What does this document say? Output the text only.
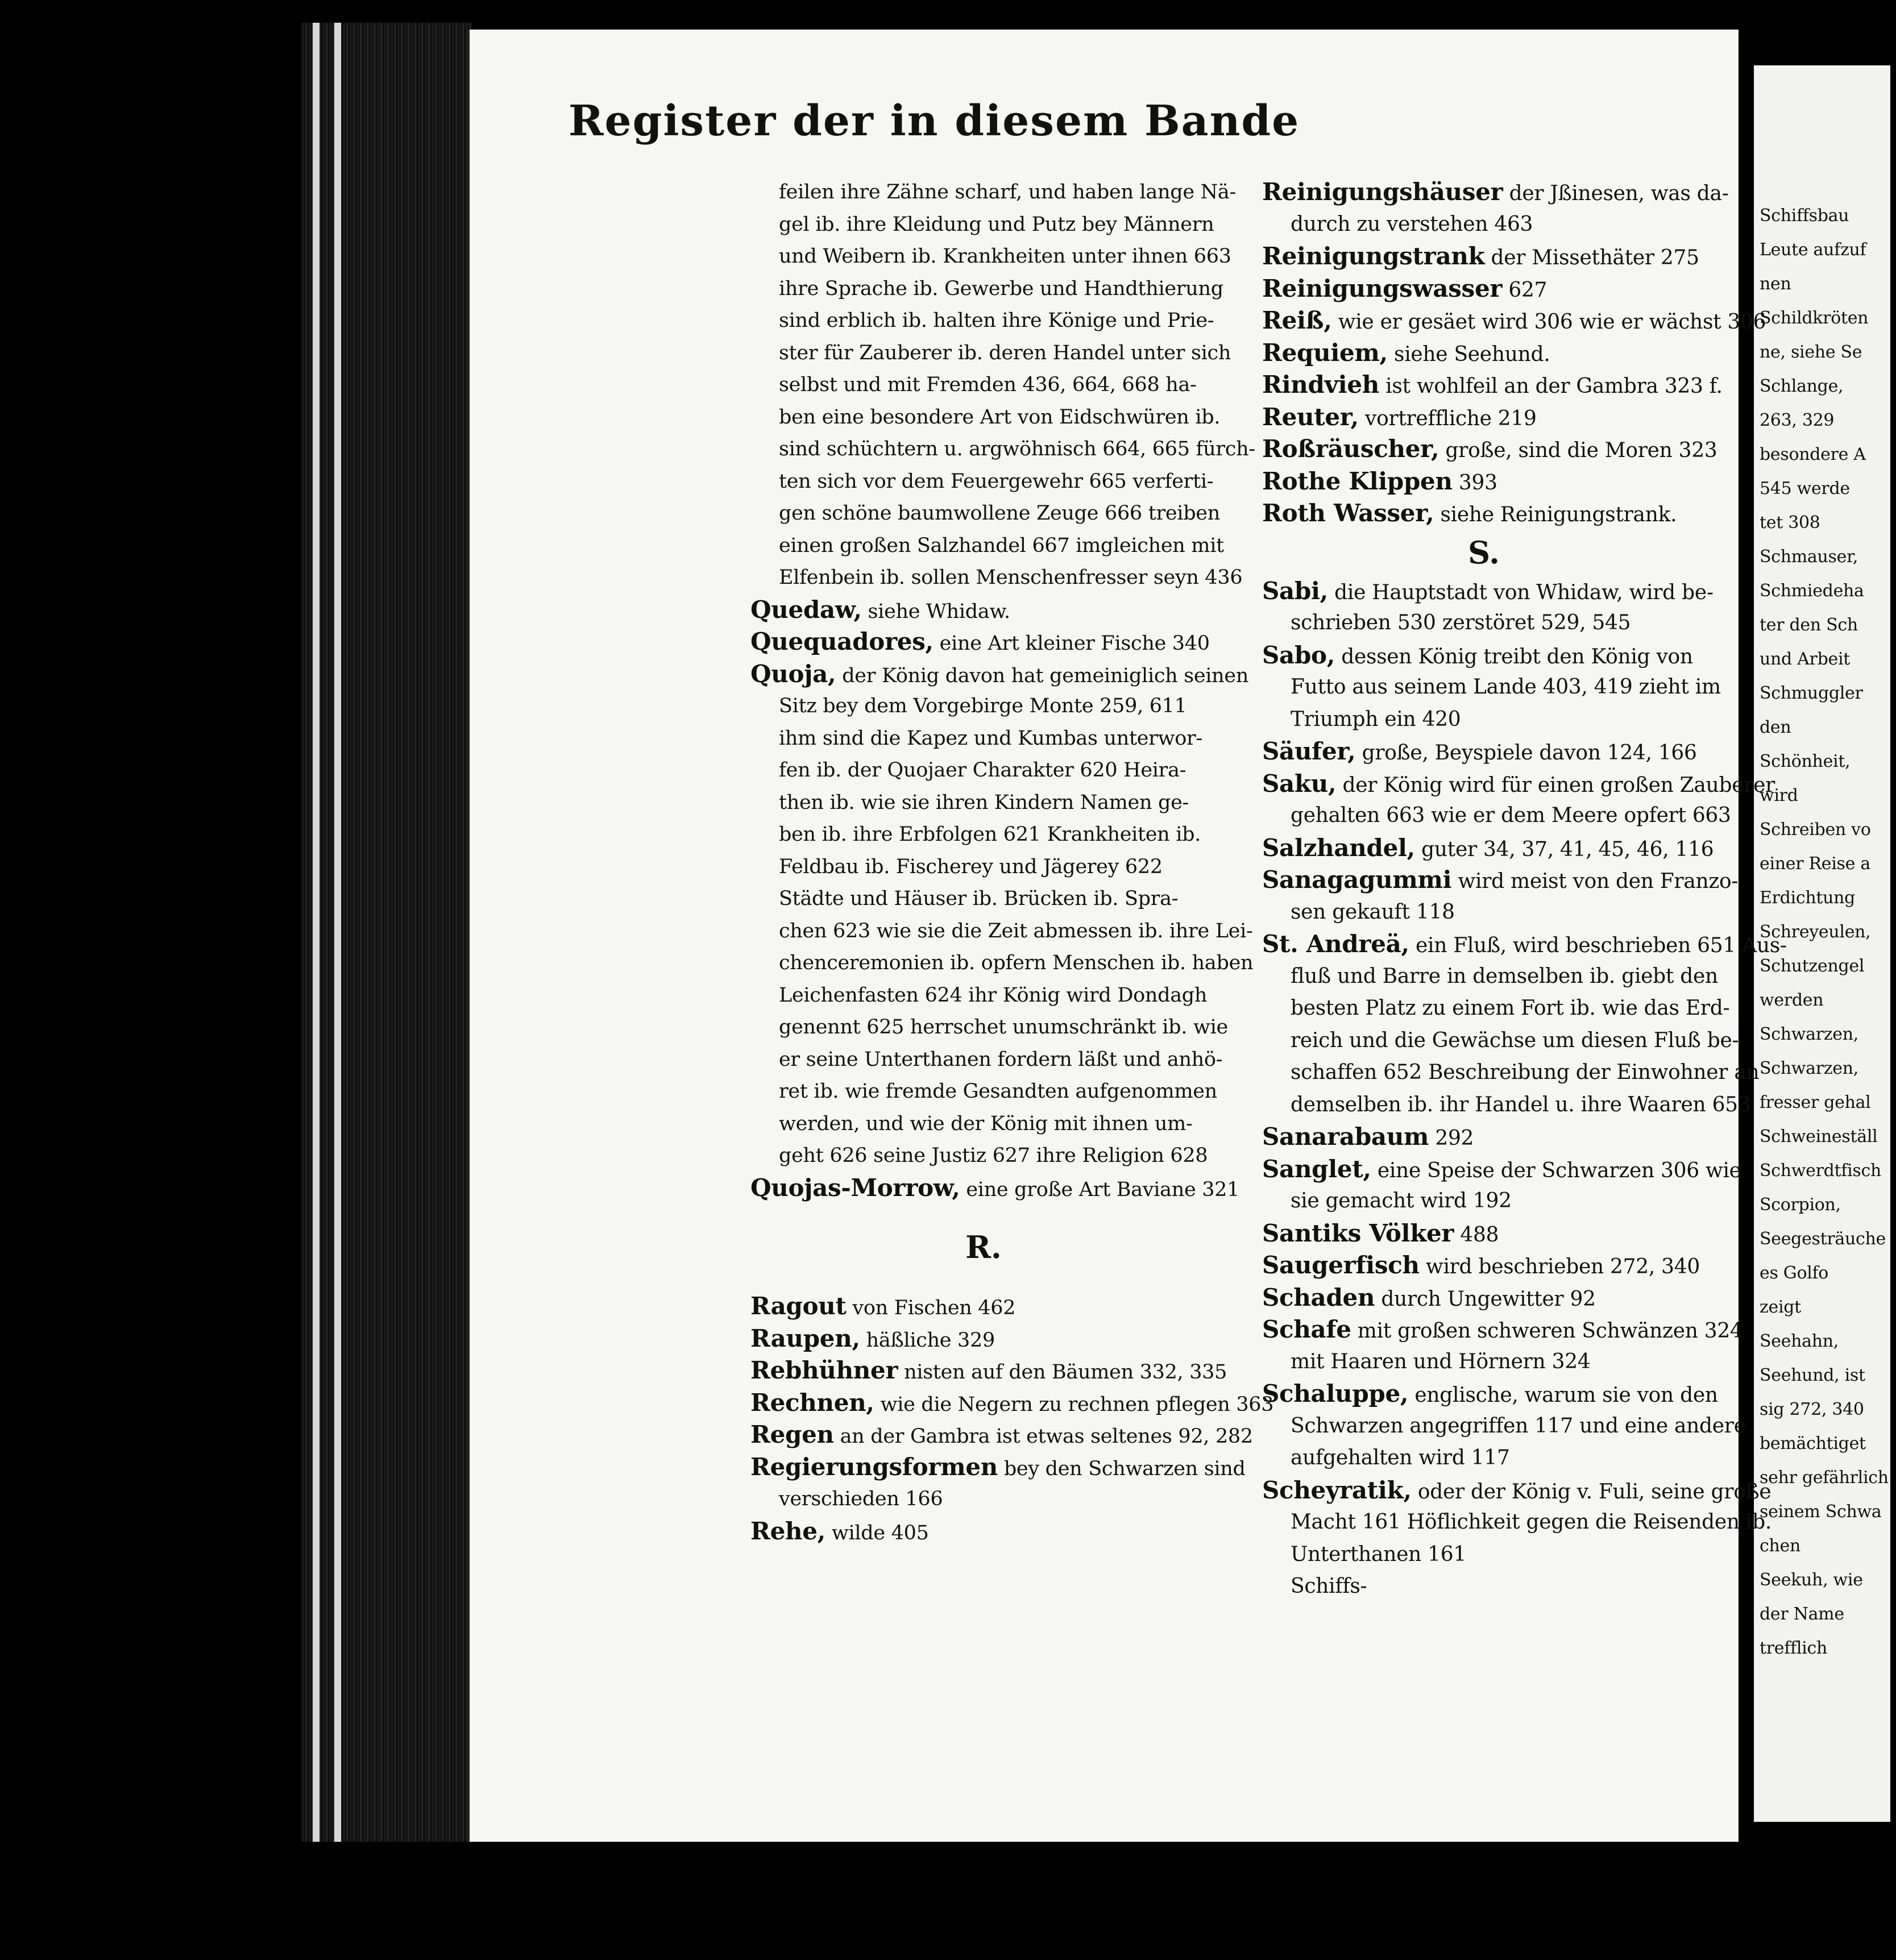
Register der in diesem Bande
feilen ihre Zähne scharf, und haben lange Nä-
gel ib. ihre Kleidung und Putz bey Männern
und Weibern ib. Krankheiten unter ihnen 663
ihre Sprache ib. Gewerbe und Handthierung
sind erblich ib. halten ihre Könige und Prie-
ster für Zauberer ib. deren Handel unter sich
selbst und mit Fremden 436, 664, 668 ha-
ben eine besondere Art von Eidschwüren ib.
sind schüchtern u. argwöhnisch 664, 665 fürch-
ten sich vor dem Feuergewehr 665 verferti-
gen schöne baumwollene Zeuge 666 treiben
einen großen Salzhandel 667 imgleichen mit
Elfenbein ib. sollen Menschenfresser seyn 436
Quedaw, siehe Whidaw.
Quequadores, eine Art kleiner Fische 340
Quoja, der König davon hat gemeiniglich seinen
Sitz bey dem Vorgebirge Monte 259, 611
ihm sind die Kapez und Kumbas unterwor-
fen ib. der Quojaer Charakter 620 Heira-
then ib. wie sie ihren Kindern Namen ge-
ben ib. ihre Erbfolgen 621 Krankheiten ib.
Feldbau ib. Fischerey und Jägerey 622
Städte und Häuser ib. Brücken ib. Spra-
chen 623 wie sie die Zeit abmessen ib. ihre Lei-
chenceremonien ib. opfern Menschen ib. haben
Leichenfasten 624 ihr König wird Dondagh
genennt 625 herrschet unumschränkt ib. wie
er seine Unterthanen fordern läßt und anhö-
ret ib. wie fremde Gesandten aufgenommen
werden, und wie der König mit ihnen um-
geht 626 seine Justiz 627 ihre Religion 628
Quojas-Morrow, eine große Art Baviane 321
R.
Ragout von Fischen 462
Raupen, häßliche 329
Rebhühner nisten auf den Bäumen 332, 335
Rechnen, wie die Negern zu rechnen pflegen 363
Regen an der Gambra ist etwas seltenes 92, 282
Regierungsformen bey den Schwarzen sind
verschieden 166
Rehe, wilde 405
Reinigungshäuser der Jßinesen, was da-
durch zu verstehen 463
Reinigungstrank der Missethäter 275
Reinigungswasser 627
Reiß, wie er gesäet wird 306 wie er wächst 306
Requiem, siehe Seehund.
Rindvieh ist wohlfeil an der Gambra 323 f.
Reuter, vortreffliche 219
Roßräuscher, große, sind die Moren 323
Rothe Klippen 393
Roth Wasser, siehe Reinigungstrank.
S.
Sabi, die Hauptstadt von Whidaw, wird be-
schrieben 530 zerstöret 529, 545
Sabo, dessen König treibt den König von
Futto aus seinem Lande 403, 419 zieht im
Triumph ein 420
Säufer, große, Beyspiele davon 124, 166
Saku, der König wird für einen großen Zauberer
gehalten 663 wie er dem Meere opfert 663
Salzhandel, guter 34, 37, 41, 45, 46, 116
Sanagagummi wird meist von den Franzo-
sen gekauft 118
St. Andreä, ein Fluß, wird beschrieben 651 Aus-
fluß und Barre in demselben ib. giebt den
besten Platz zu einem Fort ib. wie das Erd-
reich und die Gewächse um diesen Fluß be-
schaffen 652 Beschreibung der Einwohner an
demselben ib. ihr Handel u. ihre Waaren 653
Sanarabaum 292
Sanglet, eine Speise der Schwarzen 306 wie
sie gemacht wird 192
Santiks Völker 488
Saugerfisch wird beschrieben 272, 340
Schaden durch Ungewitter 92
Schafe mit großen schweren Schwänzen 324
mit Haaren und Hörnern 324
Schaluppe, englische, warum sie von den
Schwarzen angegriffen 117 und eine andere
aufgehalten wird 117
Scheyratik, oder der König v. Fuli, seine große
Macht 161 Höflichkeit gegen die Reisenden ib.
Unterthanen 161
Schiffs-
Schiffsbau
Leute aufzuf
nen
Schildkröten
ne, siehe Se
Schlange,
263, 329
besondere A
545 werde
tet 308
Schmauser,
Schmiedeha
ter den Sch
und Arbeit
Schmuggler
den
Schönheit,
wird
Schreiben vo
einer Reise a
Erdichtung
Schreyeulen,
Schutzengel
werden
Schwarzen,
Schwarzen,
fresser gehal
Schweineställ
Schwerdtfisch
Scorpion,
Seegesträuche
es Golfo
zeigt
Seehahn,
Seehund, ist
sig 272, 340
bemächtiget
sehr gefährlich
seinem Schwa
chen
Seekuh, wie
der Name
trefflich
